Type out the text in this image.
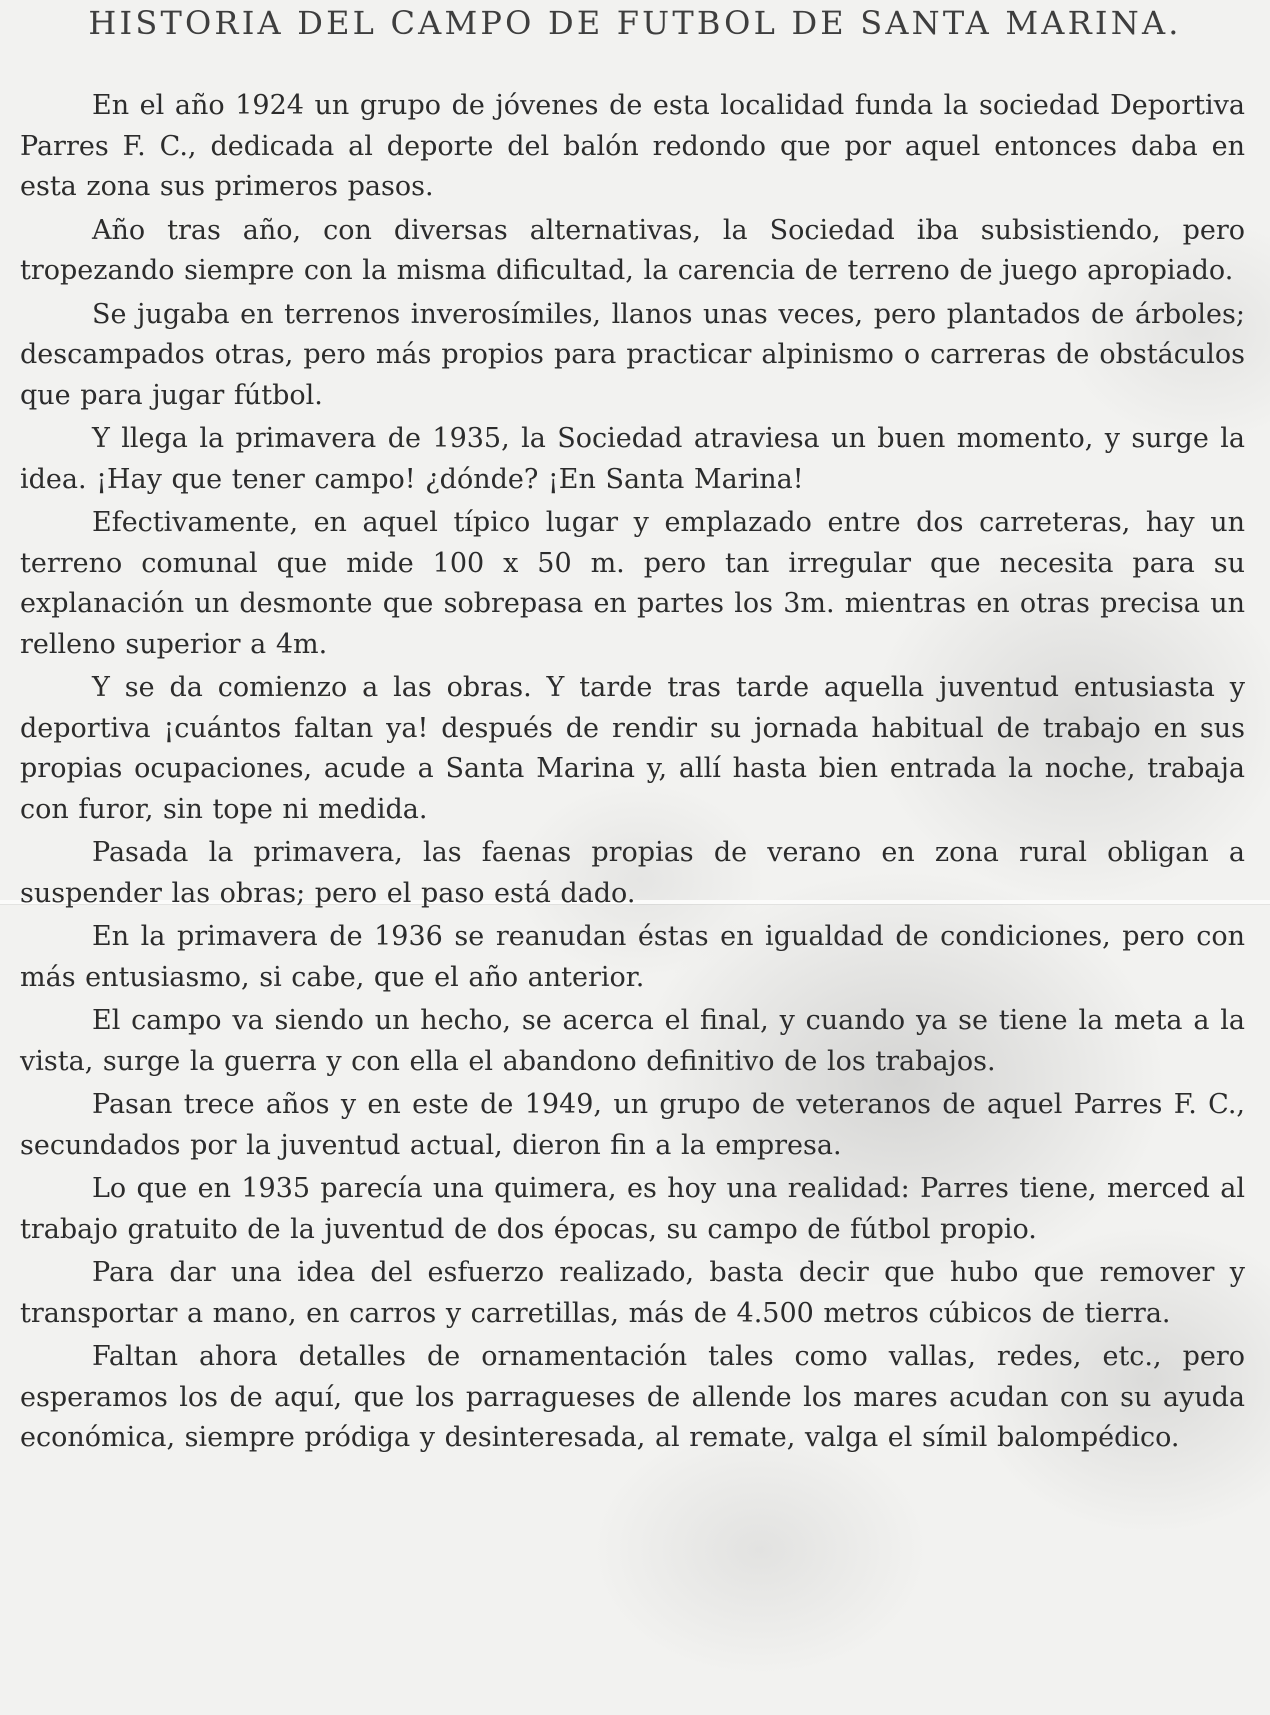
HISTORIA DEL CAMPO DE FUTBOL DE SANTA MARINA.

En el año 1924 un grupo de jóvenes de esta localidad funda la sociedad Deportiva Parres F. C., dedicada al deporte del balón redondo que por aquel entonces daba en esta zona sus primeros pasos.

Año tras año, con diversas alternativas, la Sociedad iba subsistiendo, pero tropezando siempre con la misma dificultad, la carencia de terreno de juego apropiado.

Se jugaba en terrenos inverosímiles, llanos unas veces, pero plantados de árboles; descampados otras, pero más propios para practicar alpinismo o carreras de obstáculos que para jugar fútbol.

Y llega la primavera de 1935, la Sociedad atraviesa un buen momento, y surge la idea. ¡Hay que tener campo! ¿dónde? ¡En Santa Marina!

Efectivamente, en aquel típico lugar y emplazado entre dos carreteras, hay un terreno comunal que mide 100 x 50 m. pero tan irregular que necesita para su explanación un desmonte que sobrepasa en partes los 3m. mientras en otras precisa un relleno superior a 4m.

Y se da comienzo a las obras. Y tarde tras tarde aquella juventud entusiasta y deportiva ¡cuántos faltan ya! después de rendir su jornada habitual de trabajo en sus propias ocupaciones, acude a Santa Marina y, allí hasta bien entrada la noche, trabaja con furor, sin tope ni medida.

Pasada la primavera, las faenas propias de verano en zona rural obligan a suspender las obras; pero el paso está dado.

En la primavera de 1936 se reanudan éstas en igualdad de condiciones, pero con más entusiasmo, si cabe, que el año anterior.

El campo va siendo un hecho, se acerca el final, y cuando ya se tiene la meta a la vista, surge la guerra y con ella el abandono definitivo de los trabajos.

Pasan trece años y en este de 1949, un grupo de veteranos de aquel Parres F. C., secundados por la juventud actual, dieron fin a la empresa.

Lo que en 1935 parecía una quimera, es hoy una realidad: Parres tiene, merced al trabajo gratuito de la juventud de dos épocas, su campo de fútbol propio.

Para dar una idea del esfuerzo realizado, basta decir que hubo que remover y transportar a mano, en carros y carretillas, más de 4.500 metros cúbicos de tierra.

Faltan ahora detalles de ornamentación tales como vallas, redes, etc., pero esperamos los de aquí, que los parragueses de allende los mares acudan con su ayuda económica, siempre pródiga y desinteresada, al remate, valga el símil balompédico.
